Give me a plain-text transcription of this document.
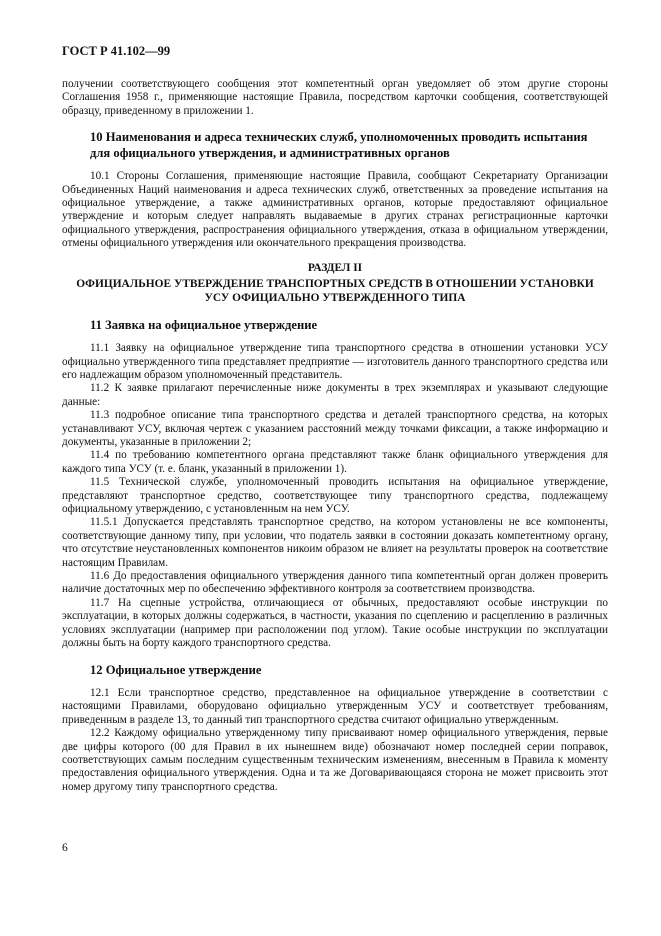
ГОСТ Р 41.102—99

получении соответствующего сообщения этот компетентный орган уведомляет об этом другие стороны Соглашения 1958 г., применяющие настоящие Правила, посредством карточки сообщения, соответствующей образцу, приведенному в приложении 1.

10 Наименования и адреса технических служб, уполномоченных проводить испытания для официального утверждения, и административных органов

10.1 Стороны Соглашения, применяющие настоящие Правила, сообщают Секретариату Организации Объединенных Наций наименования и адреса технических служб, ответственных за проведение испытания на официальное утверждение, а также административных органов, которые предоставляют официальное утверждение и которым следует направлять выдаваемые в других странах регистрационные карточки официального утверждения, распространения официального утверждения, отказа в официальном утверждении, отмены официального утверждения или окончательного прекращения производства.

РАЗДЕЛ II
ОФИЦИАЛЬНОЕ УТВЕРЖДЕНИЕ ТРАНСПОРТНЫХ СРЕДСТВ В ОТНОШЕНИИ УСТАНОВКИ УСУ ОФИЦИАЛЬНО УТВЕРЖДЕННОГО ТИПА
11 Заявка на официальное утверждение

11.1 Заявку на официальное утверждение типа транспортного средства в отношении установки УСУ официально утвержденного типа представляет предприятие — изготовитель данного транспортного средства или его надлежащим образом уполномоченный представитель.

11.2 К заявке прилагают перечисленные ниже документы в трех экземплярах и указывают следующие данные:

11.3 подробное описание типа транспортного средства и деталей транспортного средства, на которых устанавливают УСУ, включая чертеж с указанием расстояний между точками фиксации, а также информацию и документы, указанные в приложении 2;

11.4 по требованию компетентного органа представляют также бланк официального утверждения для каждого типа УСУ (т. е. бланк, указанный в приложении 1).

11.5 Технической службе, уполномоченный проводить испытания на официальное утверждение, представляют транспортное средство, соответствующее типу транспортного средства, подлежащему официальному утверждению, с установленным на нем УСУ.

11.5.1 Допускается представлять транспортное средство, на котором установлены не все компоненты, соответствующие данному типу, при условии, что податель заявки в состоянии доказать компетентному органу, что отсутствие неустановленных компонентов никоим образом не влияет на результаты проверок на соответствие настоящим Правилам.

11.6 До предоставления официального утверждения данного типа компетентный орган должен проверить наличие достаточных мер по обеспечению эффективного контроля за соответствием производства.

11.7 На сцепные устройства, отличающиеся от обычных, предоставляют особые инструкции по эксплуатации, в которых должны содержаться, в частности, указания по сцеплению и расцеплению в различных условиях эксплуатации (например при расположении под углом). Такие особые инструкции по эксплуатации должны быть на борту каждого транспортного средства.

12 Официальное утверждение

12.1 Если транспортное средство, представленное на официальное утверждение в соответствии с настоящими Правилами, оборудовано официально утвержденным УСУ и соответствует требованиям, приведенным в разделе 13, то данный тип транспортного средства считают официально утвержденным.

12.2 Каждому официально утвержденному типу присваивают номер официального утверждения, первые две цифры которого (00 для Правил в их нынешнем виде) обозначают номер последней серии поправок, соответствующих самым последним существенным техническим изменениям, внесенным в Правила к моменту предоставления официального утверждения. Одна и та же Договаривающаяся сторона не может присвоить этот номер другому типу транспортного средства.

6
